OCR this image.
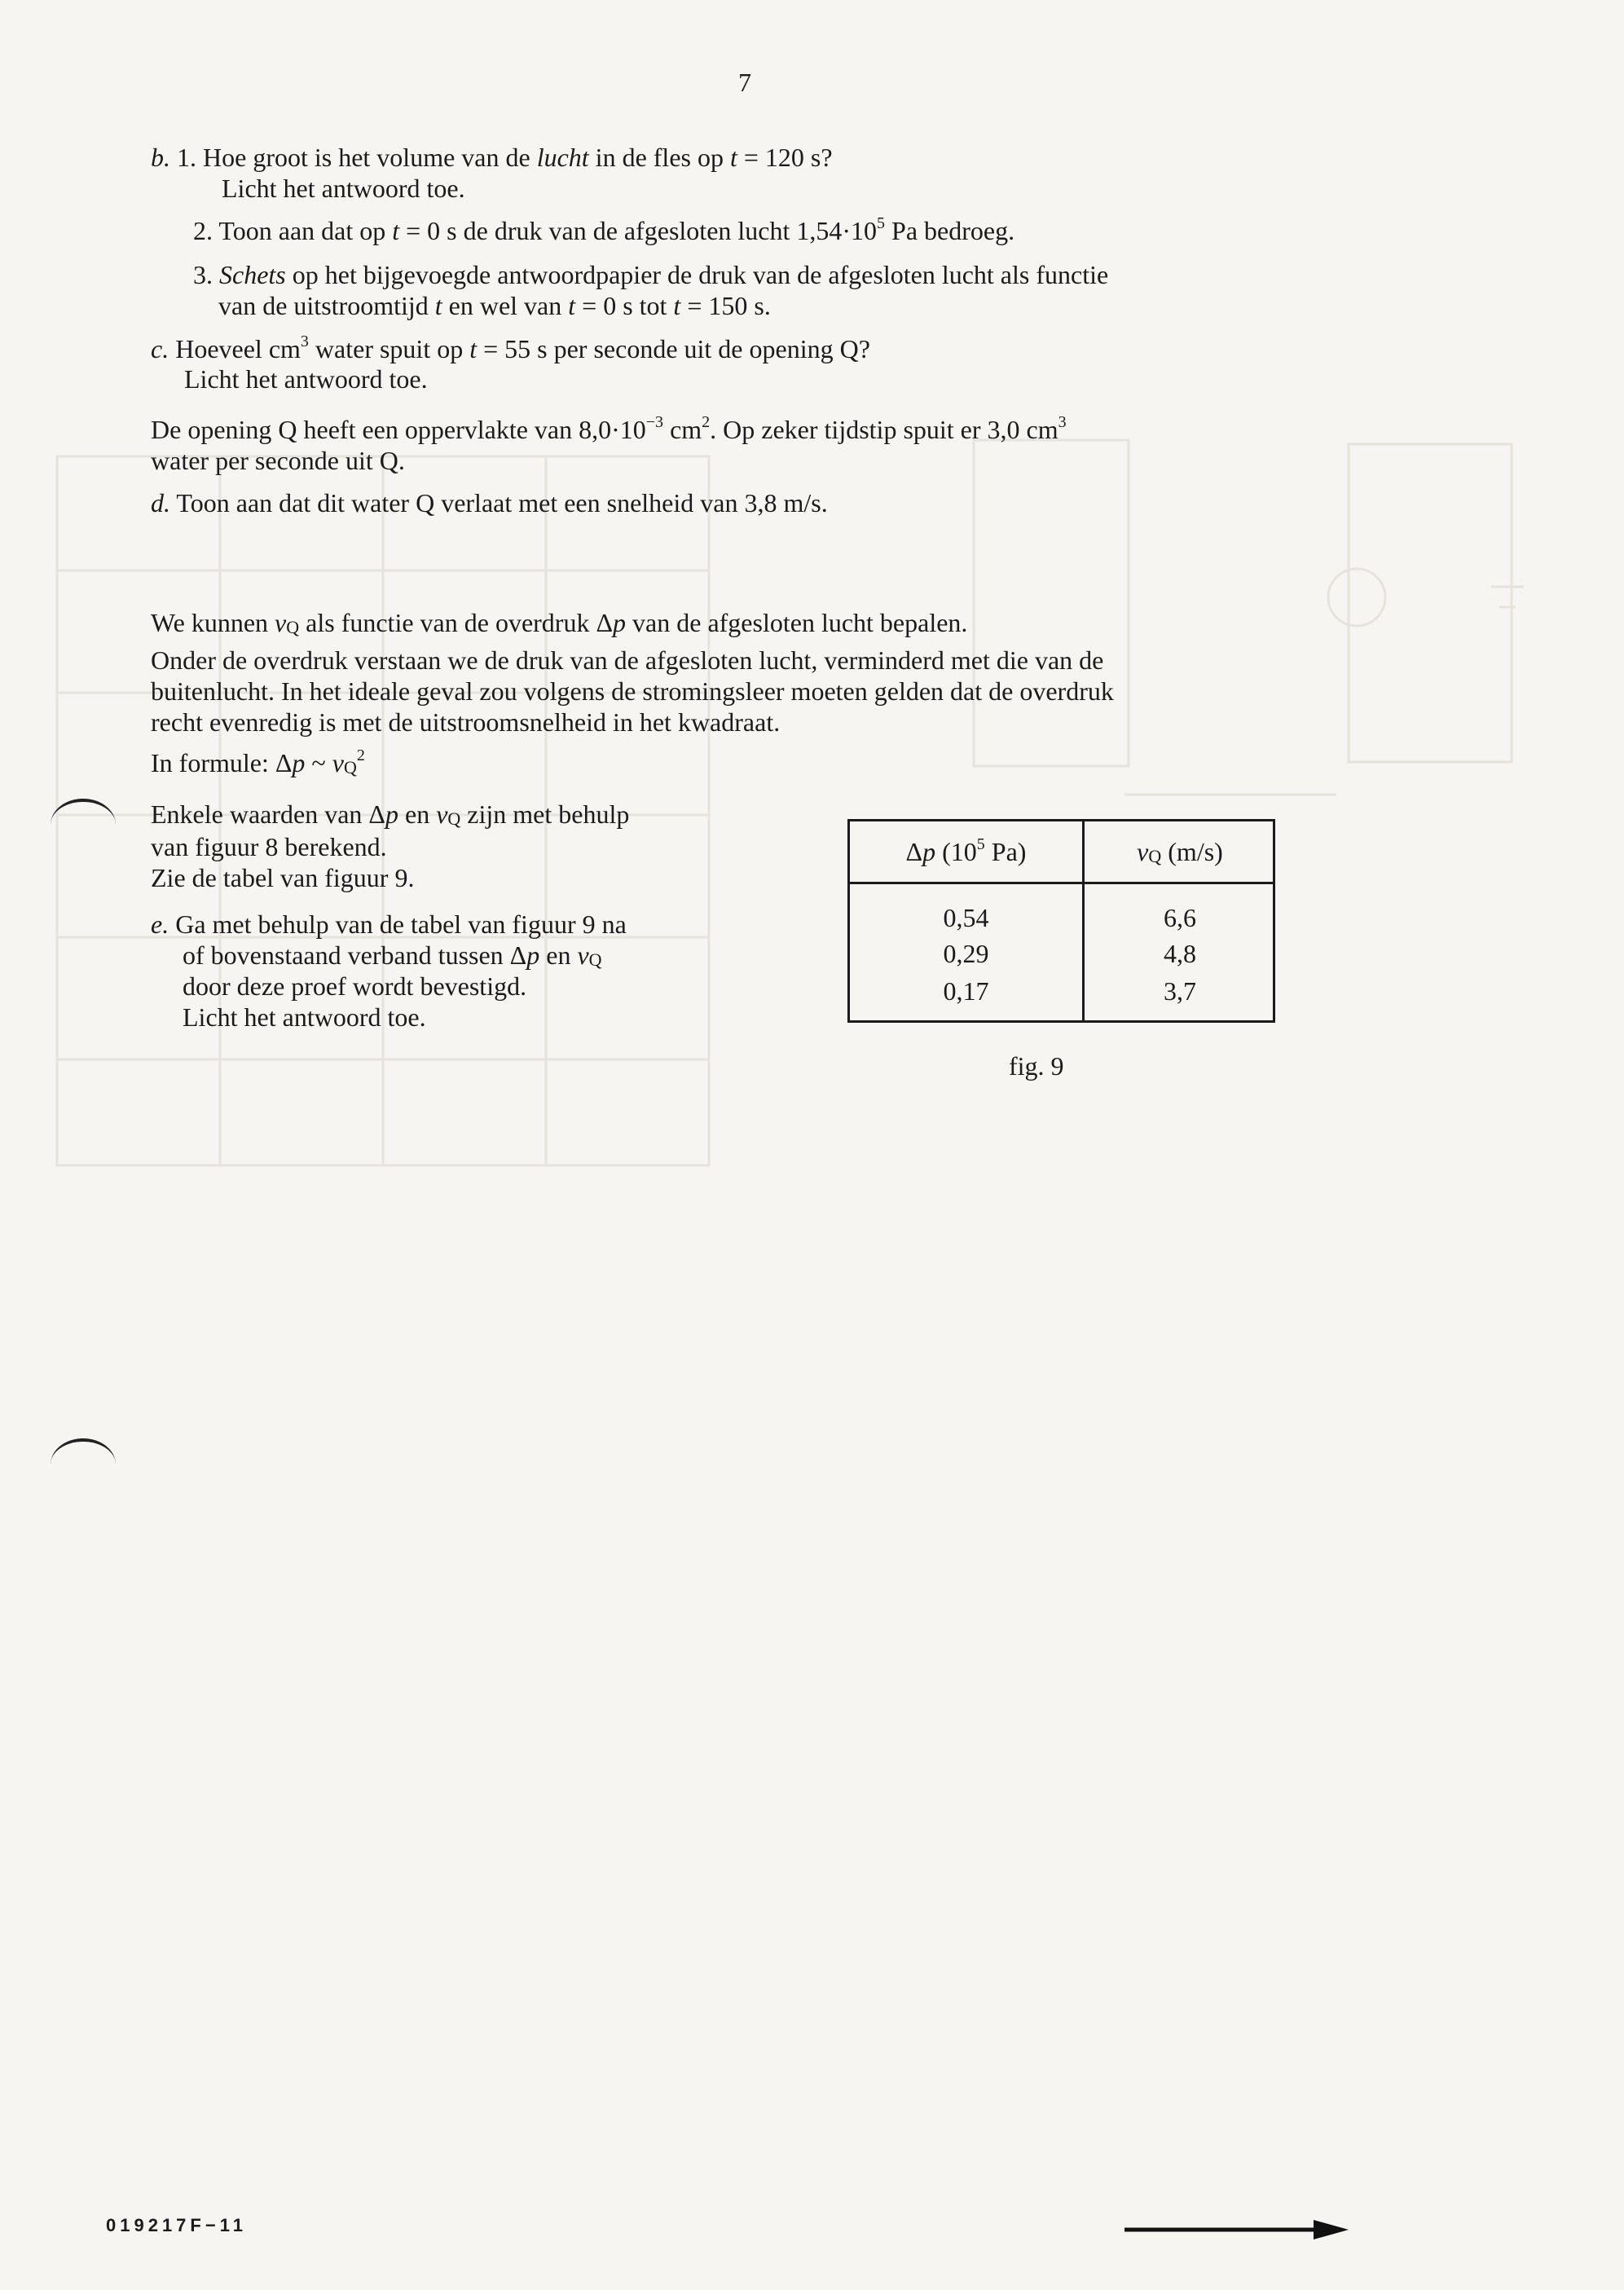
7
b. 1. Hoe groot is het volume van de lucht in de fles op t = 120 s?
Licht het antwoord toe.
2. Toon aan dat op t = 0 s de druk van de afgesloten lucht $1,54\cdot 10^5$ Pa bedroeg.
3. Schets op het bijgevoegde antwoordpapier de druk van de afgesloten lucht als functie
van de uitstroomtijd t en wel van t = 0 s tot t = 150 s.
c. Hoeveel $cm^3$ water spuit op t = 55 s per seconde uit de opening Q?
Licht het antwoord toe.
De opening Q heeft een oppervlakte van $8,0\cdot 10^{-3}$ $cm^2$. Op zeker tijdstip spuit er 3,0 $cm^3$
water per seconde uit Q.
d. Toon aan dat dit water Q verlaat met een snelheid van 3,8 m/s.
We kunnen $v_Q$ als functie van de overdruk Δp van de afgesloten lucht bepalen.
Onder de overdruk verstaan we de druk van de afgesloten lucht, verminderd met die van de
buitenlucht. In het ideale geval zou volgens de stromingsleer moeten gelden dat de overdruk
recht evenredig is met de uitstroomsnelheid in het kwadraat.
In formule: Δp ~ $v_Q^2$
Enkele waarden van Δp en $v_Q$ zijn met behulp
van figuur 8 berekend.
Zie de tabel van figuur 9.
e. Ga met behulp van de tabel van figuur 9 na
of bovenstaand verband tussen Δp en $v_Q$
door deze proef wordt bevestigd.
Licht het antwoord toe.
Δp ($10^5$ Pa)	$v_Q$ (m/s)
0,54	6,6
0,29	4,8
0,17	3,7
fig. 9
019217F−11
